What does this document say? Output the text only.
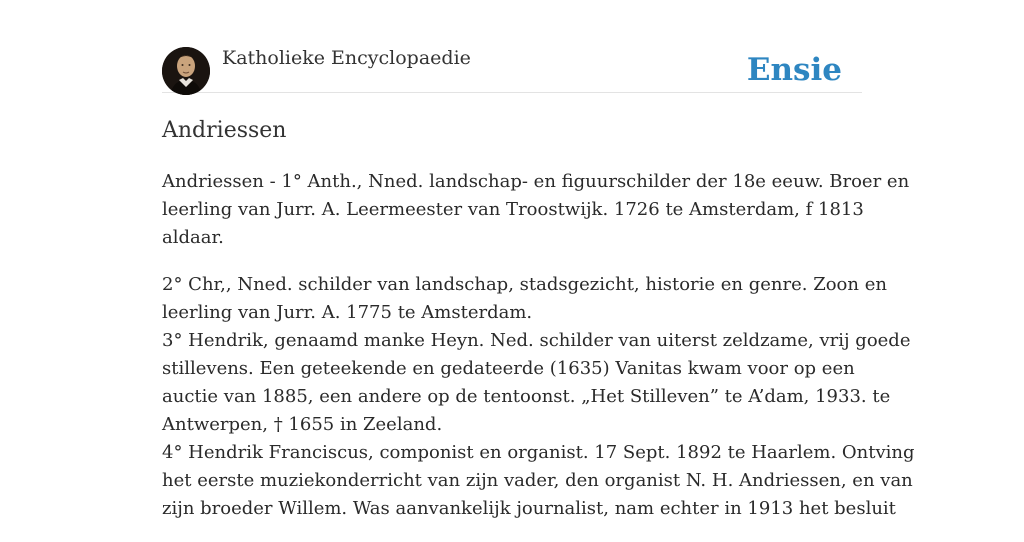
Katholieke Encyclopaedie	Ensie
Andriessen

Andriessen - 1° Anth., Nned. landschap- en figuurschilder der 18e eeuw. Broer en
leerling van Jurr. A. Leermeester van Troostwijk. 1726 te Amsterdam, f 1813
aldaar.

2° Chr,, Nned. schilder van landschap, stadsgezicht, historie en genre. Zoon en
leerling van Jurr. A. 1775 te Amsterdam.
3° Hendrik, genaamd manke Heyn. Ned. schilder van uiterst zeldzame, vrij goede
stillevens. Een geteekende en gedateerde (1635) Vanitas kwam voor op een
auctie van 1885, een andere op de tentoonst. „Het Stilleven” te A’dam, 1933. te
Antwerpen, † 1655 in Zeeland.
4° Hendrik Franciscus, componist en organist. 17 Sept. 1892 te Haarlem. Ontving
het eerste muziekonderricht van zijn vader, den organist N. H. Andriessen, en van
zijn broeder Willem. Was aanvankelijk journalist, nam echter in 1913 het besluit
